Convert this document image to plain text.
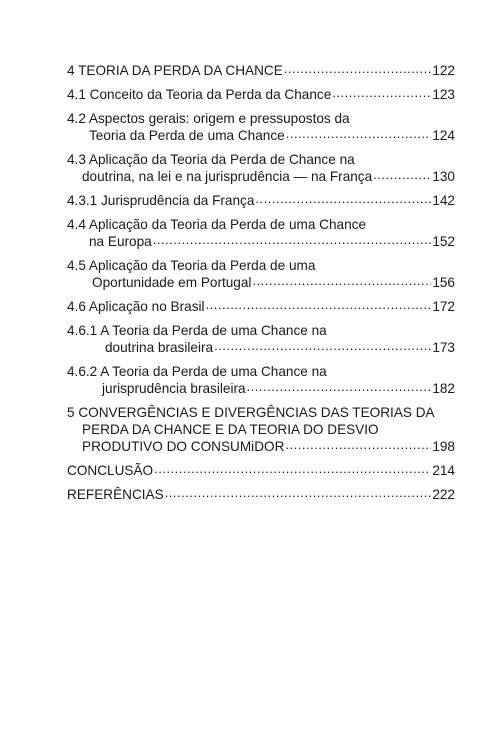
4 TEORIA DA PERDA DA CHANCE .....	122
4.1 Conceito da Teoria da Perda da Chance .....	123
4.2 Aspectos gerais: origem e pressupostos da
Teoria da Perda de uma Chance .....	124
4.3 Aplicação da Teoria da Perda de Chance na
doutrina, na lei e na jurisprudência — na França .....	130
4.3.1 Jurisprudência da França .....	142
4.4 Aplicação da Teoria da Perda de uma Chance
na Europa .....	152
4.5 Aplicação da Teoria da Perda de uma
Oportunidade em Portugal .....	156
4.6 Aplicação no Brasil .....	172
4.6.1 A Teoria da Perda de uma Chance na
doutrina brasileira .....	173
4.6.2 A Teoria da Perda de uma Chance na
jurisprudência brasileira .....	182
5 CONVERGÊNCIAS E DIVERGÊNCIAS DAS TEORIAS DA
PERDA DA CHANCE E DA TEORIA DO DESVIO
PRODUTIVO DO CONSUMiDOR .....	198
CONCLUSÃO .....	214
REFERÊNCIAS .....	222
